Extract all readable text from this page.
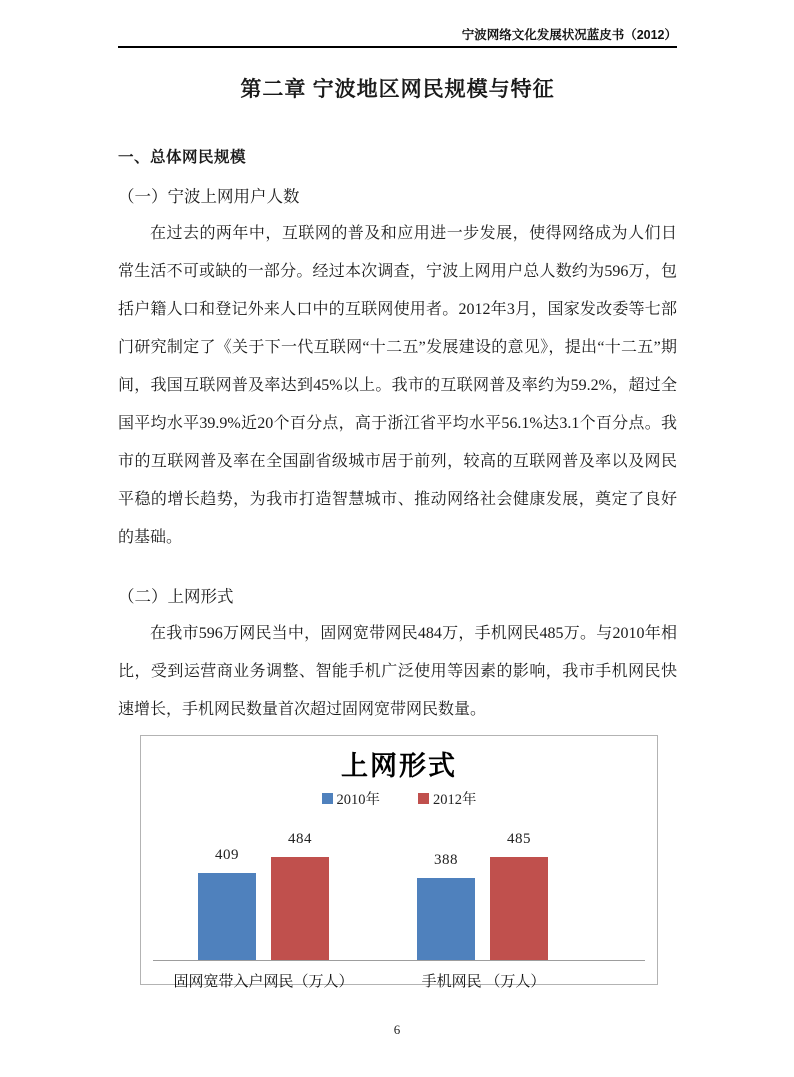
宁波网络文化发展状况蓝皮书（2012）
第二章 宁波地区网民规模与特征
一、总体网民规模
（一）宁波上网用户人数

在过去的两年中，互联网的普及和应用进一步发展，使得网络成为人们日常生活不可或缺的一部分。经过本次调查，宁波上网用户总人数约为596万，包括户籍人口和登记外来人口中的互联网使用者。2012年3月，国家发改委等七部门研究制定了《关于下一代互联网“十二五”发展建设的意见》，提出“十二五”期间，我国互联网普及率达到45%以上。我市的互联网普及率约为59.2%，超过全国平均水平39.9%近20个百分点，高于浙江省平均水平56.1%达3.1个百分点。我市的互联网普及率在全国副省级城市居于前列，较高的互联网普及率以及网民平稳的增长趋势，为我市打造智慧城市、推动网络社会健康发展，奠定了良好的基础。

（二）上网形式

在我市596万网民当中，固网宽带网民484万，手机网民485万。与2010年相比，受到运营商业务调整、智能手机广泛使用等因素的影响，我市手机网民快速增长，手机网民数量首次超过固网宽带网民数量。

上网形式
2010年	2012年
409
484
388
485
固网宽带入户网民（万人）	手机网民 （万人）
6
